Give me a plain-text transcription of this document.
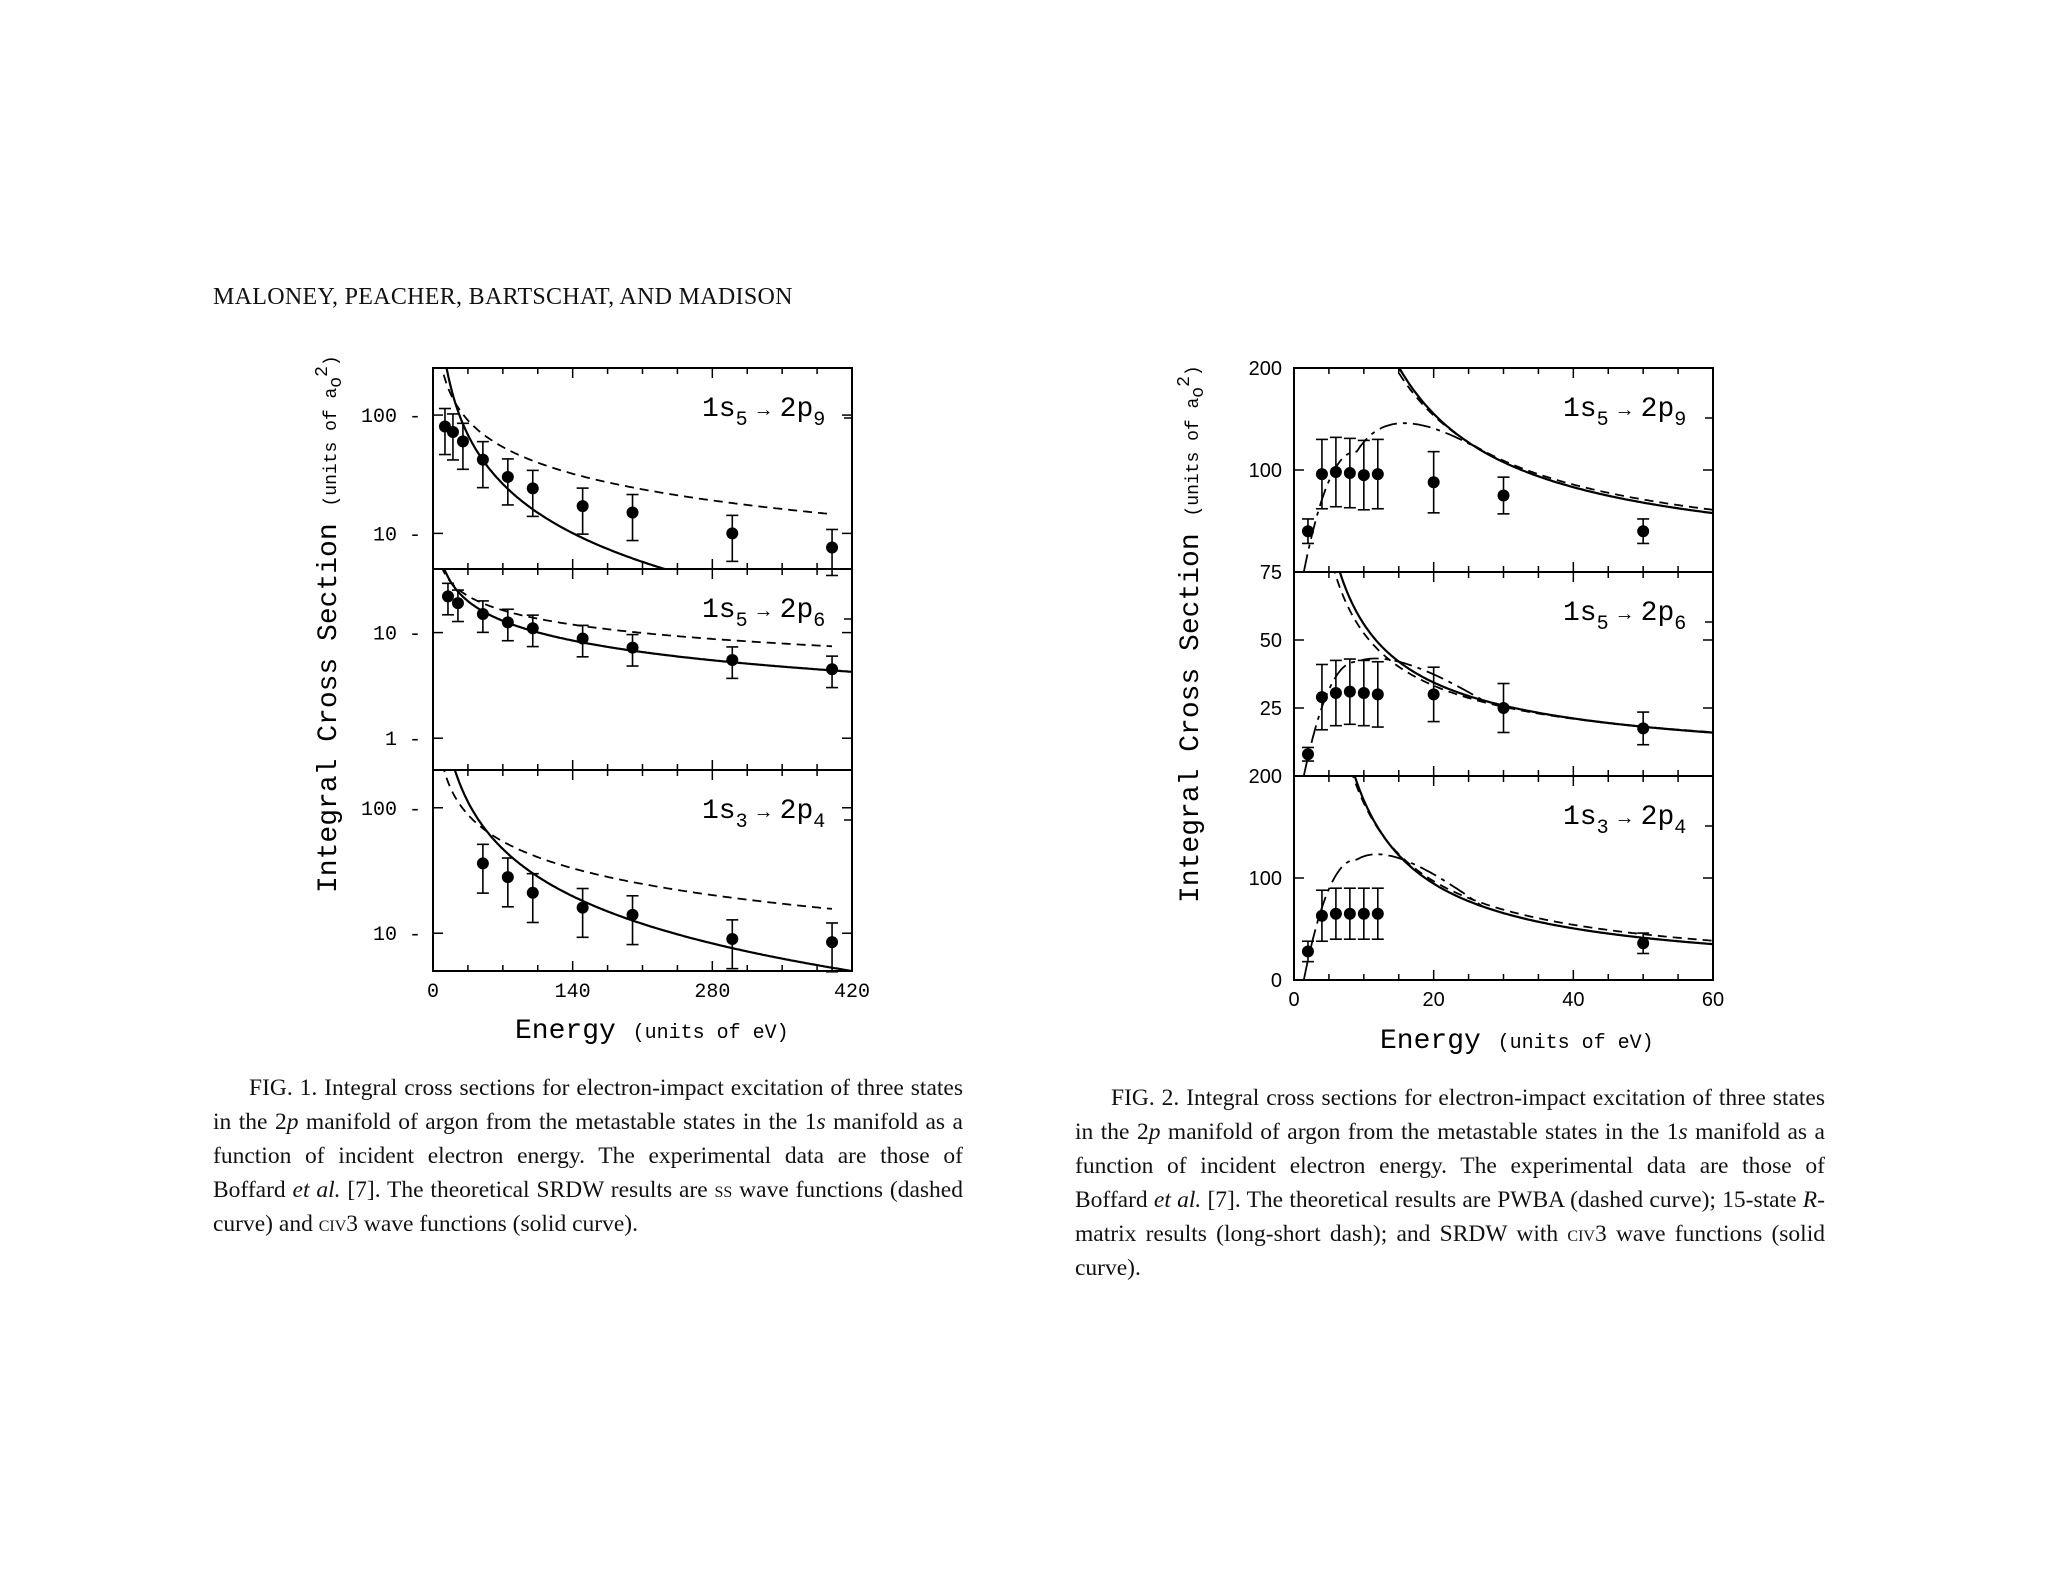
MALONEY, PEACHER, BARTSCHAT, AND MADISON
100 -
10 -
$1s_5$ → $2p_9$
10 -
1 -
$1s_5$ → $2p_6$
100 -
10 -
$1s_3$ → $2p_4$
0	140	280	420
Integral Cross Section (units of $ao^2_)$
Energy (units of eV)
200
100
$1s_5$ → $2p_9$
75
50
25
$1s_5$ → $2p_6$
200
100
0
$1s_3$ → $2p_4$
0	20	40	60
Integral Cross Section (units of $ao^2_)$
Energy (units of eV)

FIG. 1. Integral cross sections for electron-impact excitation of three states in the 2p manifold of argon from the metastable states in the 1s manifold as a function of incident electron energy. The experimental data are those of Boffard et al. [7]. The theoretical SRDW results are ss wave functions (dashed curve) and civ3 wave functions (solid curve).

FIG. 2. Integral cross sections for electron-impact excitation of three states in the 2p manifold of argon from the metastable states in the 1s manifold as a function of incident electron energy. The experimental data are those of Boffard et al. [7]. The theoretical results are PWBA (dashed curve); 15-state R-matrix results (long-short dash); and SRDW with civ3 wave functions (solid curve).
